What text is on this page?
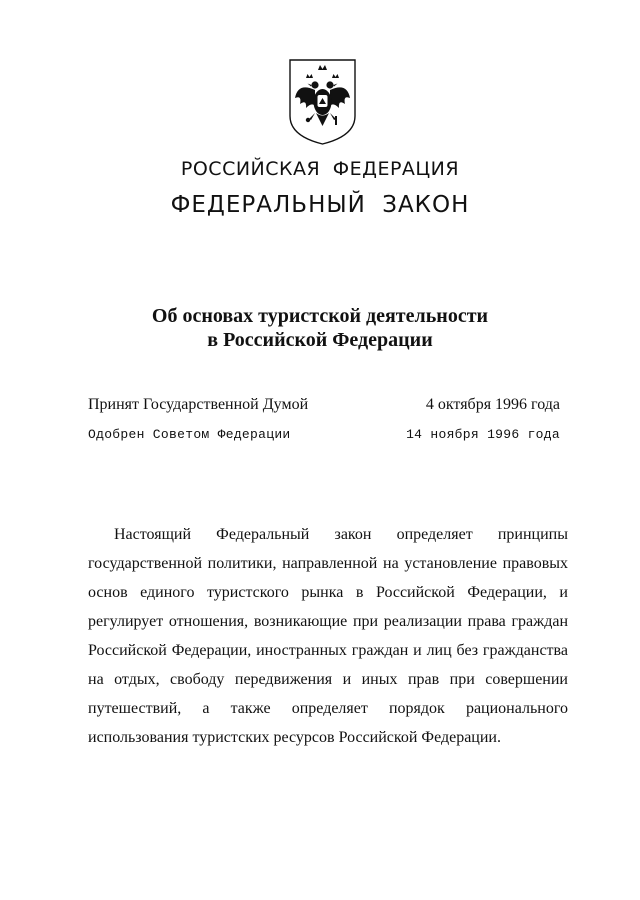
РОССИЙСКАЯ ФЕДЕРАЦИЯ
ФЕДЕРАЛЬНЫЙ ЗАКОН
Об основах туристской деятельности
в Российской Федерации
Принят Государственной Думой	4 октября 1996 года
Одобрен Советом Федерации	14 ноября 1996 года

Настоящий Федеральный закон определяет принципы государственной политики, направленной на установление правовых основ единого туристского рынка в Российской Федерации, и регулирует отношения, возникающие при реализации права граждан Российской Федерации, иностранных граждан и лиц без гражданства на отдых, свободу передвижения и иных прав при совершении путешествий, а также определяет порядок рационального использования туристских ресурсов Российской Федерации.
